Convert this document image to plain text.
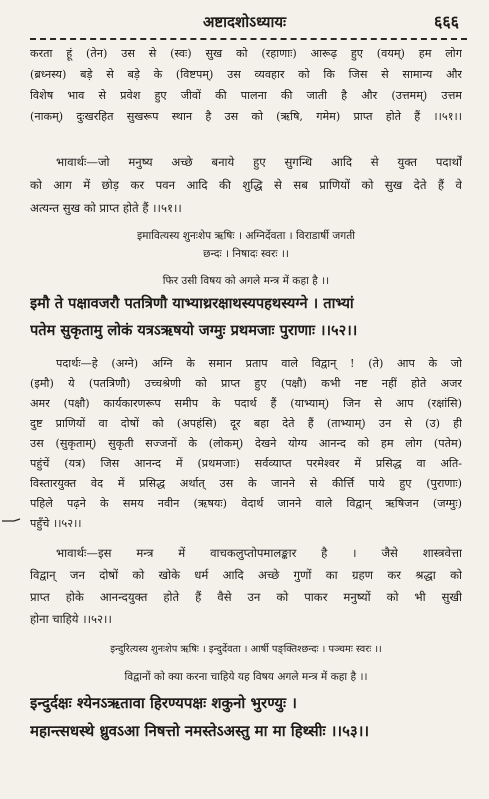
अष्टादशोऽध्यायः	६६६
करता हूं (तेन) उस से (स्वः) सुख को (रहाणाः) आरूढ़ हुए (वयम्) हम लोग
(ब्रध्नस्य) बड़े से बड़े के (विष्टपम्) उस व्यवहार को कि जिस से सामान्य और
विशेष भाव से प्रवेश हुए जीवों की पालना की जाती है और (उत्तमम्) उत्तम
(नाकम्) दुःखरहित सुखरूप स्थान है उस को (ऋषि, गमेम) प्राप्त होते हैं ।।५१।।
भावार्थः—जो मनुष्य अच्छे बनाये हुए सुगन्धि आदि से युक्त पदार्थों
को आग में छोड़ कर पवन आदि की शुद्धि से सब प्राणियों को सुख देते हैं वे
अत्यन्त सुख को प्राप्त होते हैं ।।५१।।
इमावित्यस्य शुनःशेप ऋषिः । अग्निर्देवता । विराडार्षी जगती
छन्दः । निषादः स्वरः ।।
फिर उसी विषय को अगले मन्त्र में कहा है ।।
इमौ ते पक्षावजरौ पतत्रिणौ याभ्याथ्ररक्षाथस्यपहथस्यग्ने । ताभ्यां
पतेम सुकृतामु लोकं यत्रऽऋषयो जग्मुः प्रथमजाः पुराणाः ।।५२।।
पदार्थः—हे (अग्ने) अग्नि के समान प्रताप वाले विद्वान् ! (ते) आप के जो
(इमौ) ये (पतत्रिणौ) उच्चश्रेणी को प्राप्त हुए (पक्षौ) कभी नष्ट नहीं होते अजर
अमर (पक्षौ) कार्यकारणरूप समीप के पदार्थ हैं (याभ्याम्) जिन से आप (रक्षांसि)
दुष्ट प्राणियों वा दोषों को (अपहंसि) दूर बहा देते हैं (ताभ्याम्) उन से (उ) ही
उस (सुकृताम्) सुकृती सज्जनों के (लोकम्) देखने योग्य आनन्द को हम लोग (पतेम)
पहुंचें (यत्र) जिस आनन्द में (प्रथमजाः) सर्वव्याप्त परमेश्वर में प्रसिद्ध वा अति-
विस्तारयुक्त वेद में प्रसिद्ध अर्थात् उस के जानने से कीर्त्ति पाये हुए (पुराणाः)
पहिले पढ़ने के समय नवीन (ऋषयः) वेदार्थ जानने वाले विद्वान् ऋषिजन (जग्मुः)
पहुँचे ।।५२।।
भावार्थः—इस मन्त्र में वाचकलुप्तोपमालङ्कार है । जैसे शास्त्रवेत्ता
विद्वान् जन दोषों को खोके धर्म आदि अच्छे गुणों का ग्रहण कर श्रद्धा को
प्राप्त होके आनन्दयुक्त होते हैं वैसे उन को पाकर मनुष्यों को भी सुखी
होना चाहिये ।।५२।।
इन्दुरित्यस्य शुनःशेप ऋषिः । इन्दुर्देवता । आर्षी पङ्क्तिश्छन्दः । पञ्चमः स्वरः ।।
विद्वानों को क्या करना चाहिये यह विषय अगले मन्त्र में कहा है ।।
इन्दुर्दक्षः श्येनऽऋतावा हिरण्यपक्षः शकुनो भुरण्युः ।
महान्त्सधस्थे ध्रुवऽआ निषत्तो नमस्तेऽअस्तु मा मा हिथ्सीः ।।५३।।
